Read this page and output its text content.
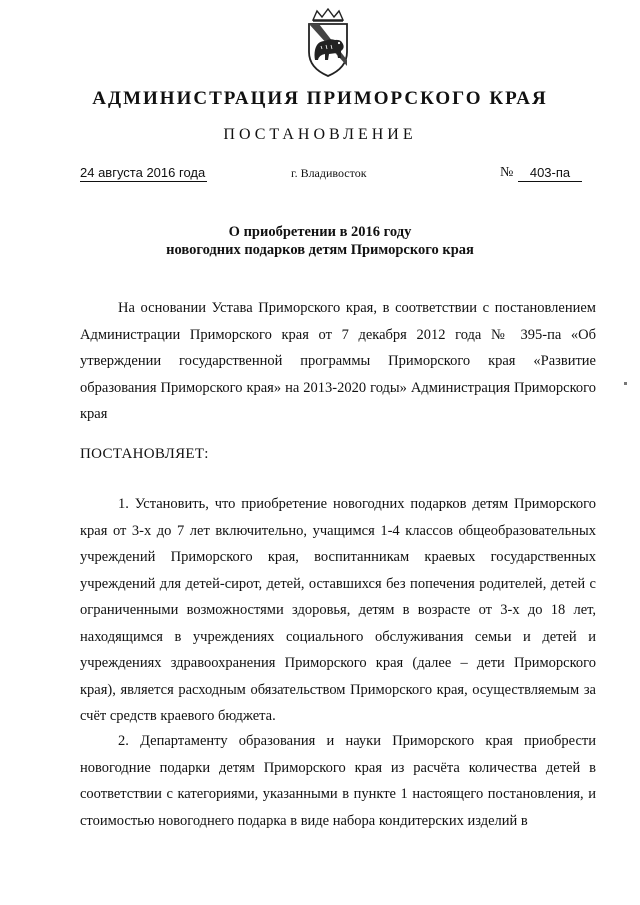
АДМИНИСТРАЦИЯ ПРИМОРСКОГО КРАЯ
ПОСТАНОВЛЕНИЕ
24 августа 2016 года	г. Владивосток	№	403-па
О приобретении в 2016 году
новогодних подарков детям Приморского края
На основании Устава Приморского края, в соответствии с постановлением Администрации Приморского края от 7 декабря 2012 года № 395-па «Об утверждении государственной программы Приморского края «Развитие образования Приморского края» на 2013-2020 годы» Администрация Приморского края
ПОСТАНОВЛЯЕТ:
1. Установить, что приобретение новогодних подарков детям Приморского края от 3-х до 7 лет включительно, учащимся 1-4 классов общеобразовательных учреждений Приморского края, воспитанникам краевых государственных учреждений для детей-сирот, детей, оставшихся без попечения родителей, детей с ограниченными возможностями здоровья, детям в возрасте от 3-х до 18 лет, находящимся в учреждениях социального обслуживания семьи и детей и учреждениях здравоохранения Приморского края (далее – дети Приморского края), является расходным обязательством Приморского края, осуществляемым за счёт средств краевого бюджета.
2. Департаменту образования и науки Приморского края приобрести новогодние подарки детям Приморского края из расчёта количества детей в соответствии с категориями, указанными в пункте 1 настоящего постановления, и стоимостью новогоднего подарка в виде набора кондитерских изделий в
